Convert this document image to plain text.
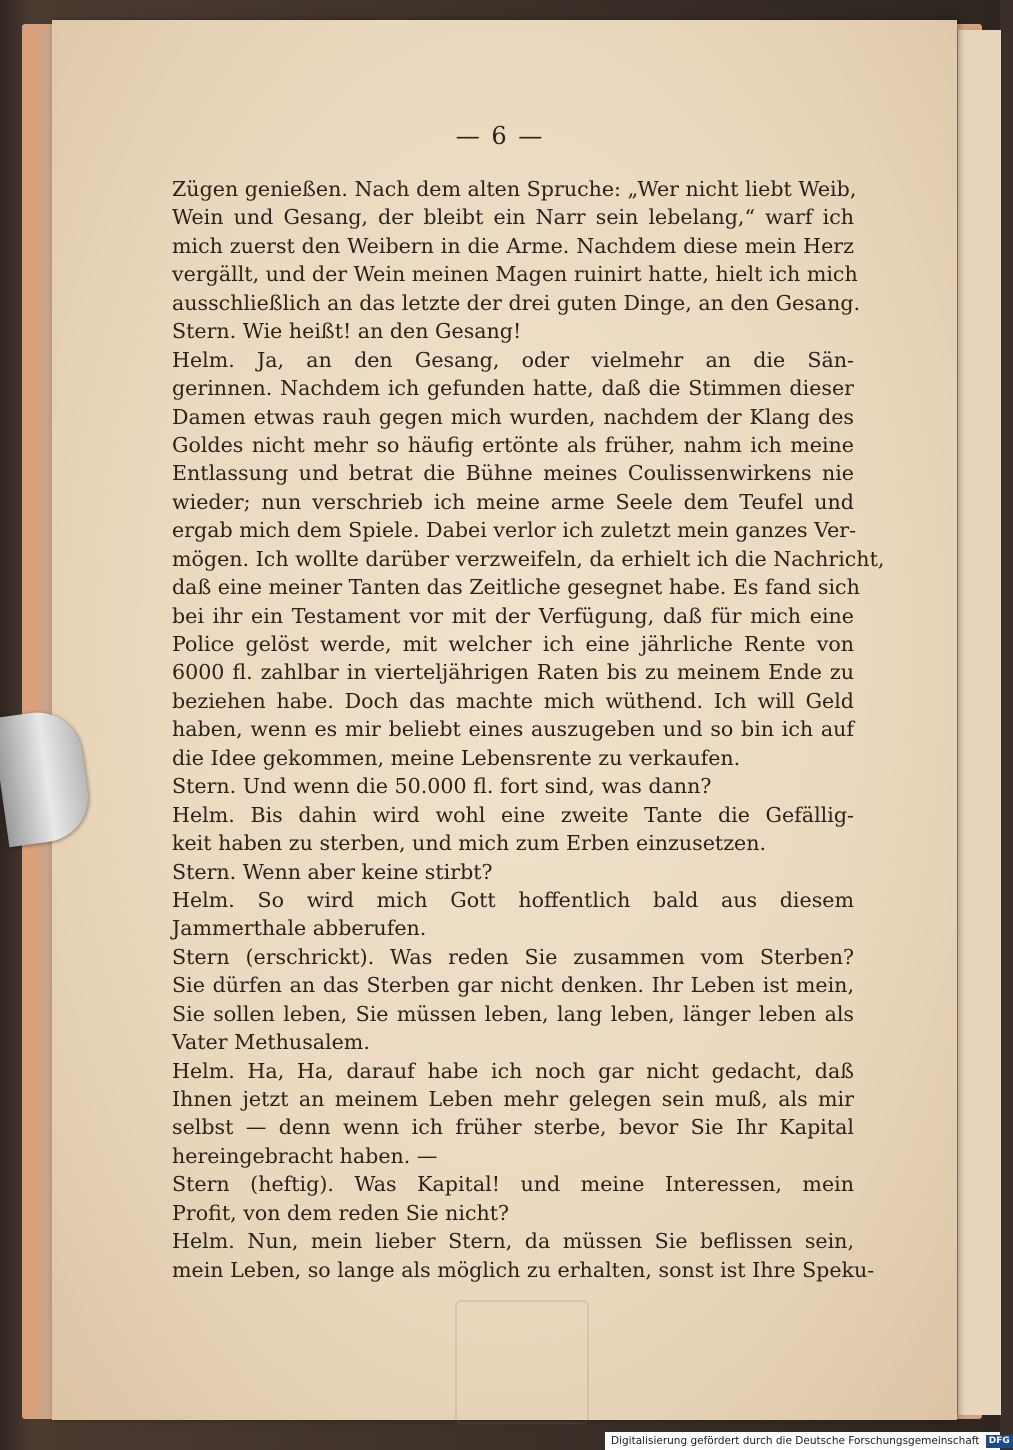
— 6 —
Zügen genießen. Nach dem alten Spruche: „Wer nicht liebt Weib,
Wein und Gesang, der bleibt ein Narr sein lebelang,“ warf ich
mich zuerst den Weibern in die Arme. Nachdem diese mein Herz
vergällt, und der Wein meinen Magen ruinirt hatte, hielt ich mich
ausschließlich an das letzte der drei guten Dinge, an den Gesang.
Stern. Wie heißt! an den Gesang!
Helm. Ja, an den Gesang, oder vielmehr an die Sän-
gerinnen. Nachdem ich gefunden hatte, daß die Stimmen dieser
Damen etwas rauh gegen mich wurden, nachdem der Klang des
Goldes nicht mehr so häufig ertönte als früher, nahm ich meine
Entlassung und betrat die Bühne meines Coulissenwirkens nie
wieder; nun verschrieb ich meine arme Seele dem Teufel und
ergab mich dem Spiele. Dabei verlor ich zuletzt mein ganzes Ver-
mögen. Ich wollte darüber verzweifeln, da erhielt ich die Nachricht,
daß eine meiner Tanten das Zeitliche gesegnet habe. Es fand sich
bei ihr ein Testament vor mit der Verfügung, daß für mich eine
Police gelöst werde, mit welcher ich eine jährliche Rente von
6000 fl. zahlbar in vierteljährigen Raten bis zu meinem Ende zu
beziehen habe. Doch das machte mich wüthend. Ich will Geld
haben, wenn es mir beliebt eines auszugeben und so bin ich auf
die Idee gekommen, meine Lebensrente zu verkaufen.
Stern. Und wenn die 50.000 fl. fort sind, was dann?
Helm. Bis dahin wird wohl eine zweite Tante die Gefällig-
keit haben zu sterben, und mich zum Erben einzusetzen.
Stern. Wenn aber keine stirbt?
Helm. So wird mich Gott hoffentlich bald aus diesem
Jammerthale abberufen.
Stern (erschrickt). Was reden Sie zusammen vom Sterben?
Sie dürfen an das Sterben gar nicht denken. Ihr Leben ist mein,
Sie sollen leben, Sie müssen leben, lang leben, länger leben als
Vater Methusalem.
Helm. Ha, Ha, darauf habe ich noch gar nicht gedacht, daß
Ihnen jetzt an meinem Leben mehr gelegen sein muß, als mir
selbst — denn wenn ich früher sterbe, bevor Sie Ihr Kapital
hereingebracht haben. —
Stern (heftig). Was Kapital! und meine Interessen, mein
Profit, von dem reden Sie nicht?
Helm. Nun, mein lieber Stern, da müssen Sie beflissen sein,
mein Leben, so lange als möglich zu erhalten, sonst ist Ihre Speku-
Digitalisierung gefördert durch die Deutsche Forschungsgemeinschaft DFG
